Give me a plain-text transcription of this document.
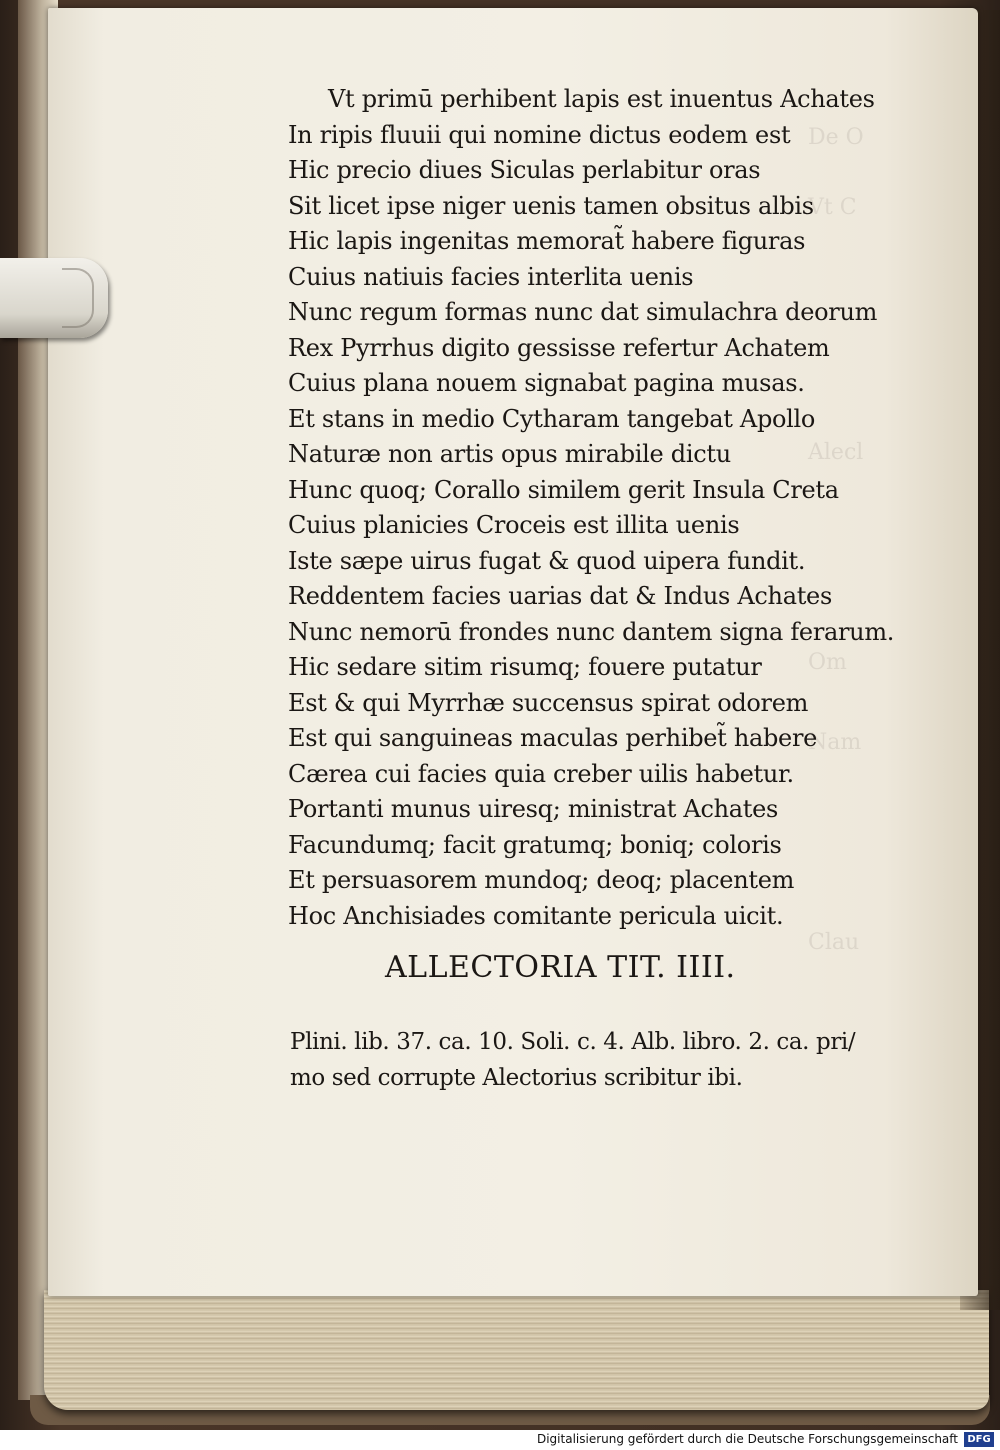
De O
Vt C
Alecl
Om
Nam
Clau
Vt primū perhibent lapis est inuentus Achates
In ripis fluuii qui nomine dictus eodem est
Hic precio diues Siculas perlabitur oras
Sit licet ipse niger uenis tamen obsitus albis
Hic lapis ingenitas memorat̃ habere figuras
Cuius natiuis facies interlita uenis
Nunc regum formas nunc dat simulachra deorum
Rex Pyrrhus digito gessisse refertur Achatem
Cuius plana nouem signabat pagina musas.
Et stans in medio Cytharam tangebat Apollo
Naturæ non artis opus mirabile dictu
Hunc quoq; Corallo similem gerit Insula Creta
Cuius planicies Croceis est illita uenis
Iste sæpe uirus fugat & quod uipera fundit.
Reddentem facies uarias dat & Indus Achates
Nunc nemorū frondes nunc dantem signa ferarum.
Hic sedare sitim risumq; fouere putatur
Est & qui Myrrhæ succensus spirat odorem
Est qui sanguineas maculas perhibet̃ habere
Cærea cui facies quia creber uilis habetur.
Portanti munus uiresq; ministrat Achates
Facundumq; facit gratumq; boniq; coloris
Et persuasorem mundoq; deoq; placentem
Hoc Anchisiades comitante pericula uicit.
ALLECTORIA TIT. IIII.
Plini. lib. 37. ca. 10. Soli. c. 4. Alb. libro. 2. ca. pri/
mo sed corrupte Alectorius scribitur ibi.
Digitalisierung gefördert durch die Deutsche Forschungsgemeinschaft DFG
